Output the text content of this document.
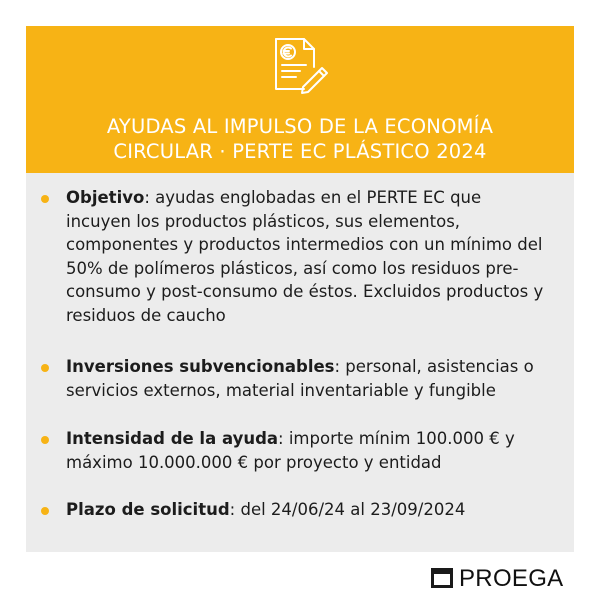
AYUDAS AL IMPULSO DE LA ECONOMÍA
CIRCULAR · PERTE EC PLÁSTICO 2024
Objetivo: ayudas englobadas en el PERTE EC que incuyen los productos plásticos, sus elementos, componentes y productos intermedios con un mínimo del 50% de polímeros plásticos, así como los residuos pre-consumo y post-consumo de éstos. Excluidos productos y residuos de caucho
Inversiones subvencionables: personal, asistencias o servicios externos, material inventariable y fungible
Intensidad de la ayuda: importe mínim 100.000 € y máximo 10.000.000 € por proyecto y entidad
Plazo de solicitud: del 24/06/24 al 23/09/2024
PROEGA
